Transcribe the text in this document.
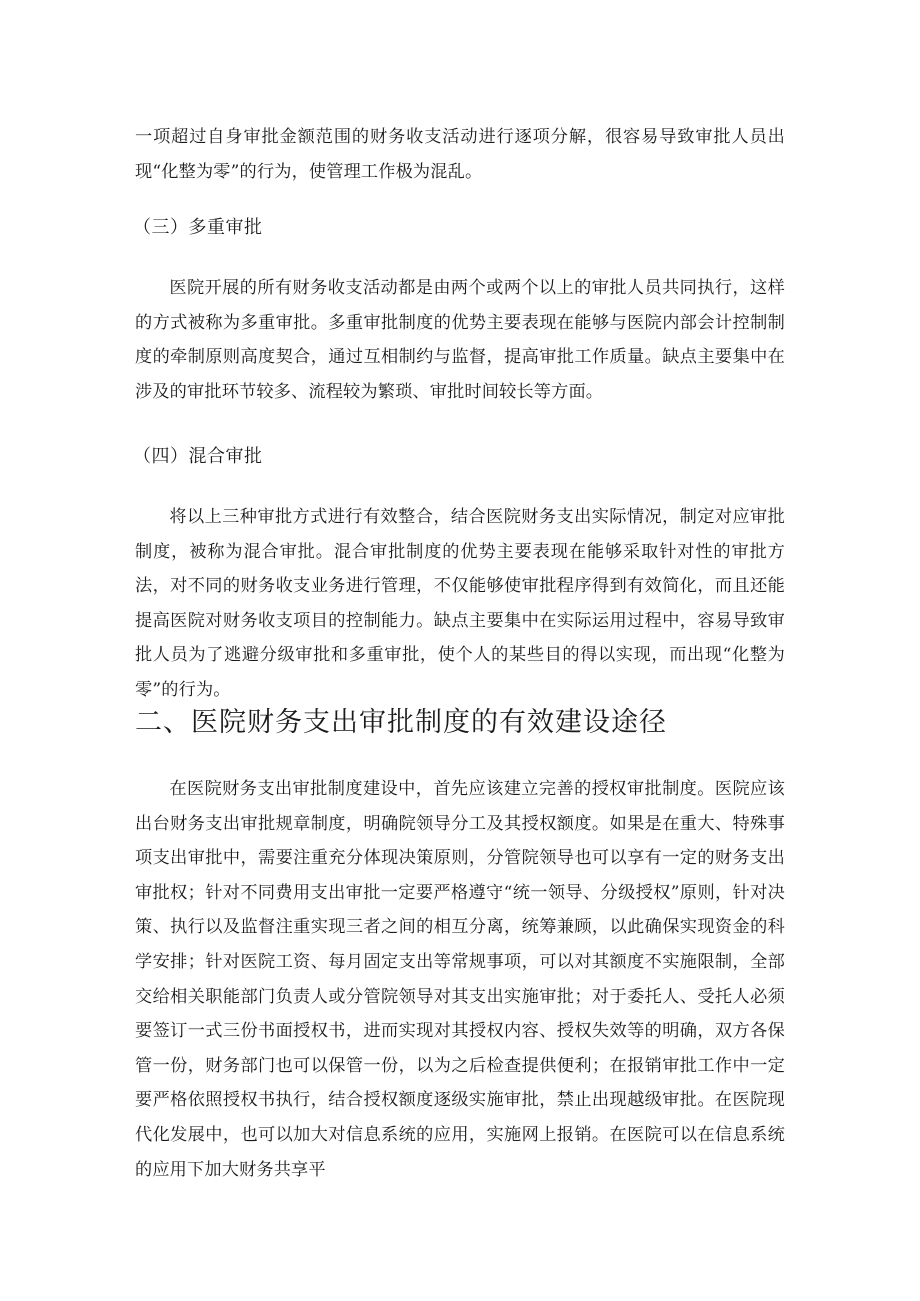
一项超过自身审批金额范围的财务收支活动进行逐项分解，很容易导致审批人员出现“化整为零”的行为，使管理工作极为混乱。

（三）多重审批

医院开展的所有财务收支活动都是由两个或两个以上的审批人员共同执行，这样的方式被称为多重审批。多重审批制度的优势主要表现在能够与医院内部会计控制制度的牵制原则高度契合，通过互相制约与监督，提高审批工作质量。缺点主要集中在涉及的审批环节较多、流程较为繁琐、审批时间较长等方面。

（四）混合审批

将以上三种审批方式进行有效整合，结合医院财务支出实际情况，制定对应审批制度，被称为混合审批。混合审批制度的优势主要表现在能够采取针对性的审批方法，对不同的财务收支业务进行管理，不仅能够使审批程序得到有效简化，而且还能提高医院对财务收支项目的控制能力。缺点主要集中在实际运用过程中，容易导致审批人员为了逃避分级审批和多重审批，使个人的某些目的得以实现，而出现“化整为零”的行为。

二、医院财务支出审批制度的有效建设途径

在医院财务支出审批制度建设中，首先应该建立完善的授权审批制度。医院应该出台财务支出审批规章制度，明确院领导分工及其授权额度。如果是在重大、特殊事项支出审批中，需要注重充分体现决策原则，分管院领导也可以享有一定的财务支出审批权；针对不同费用支出审批一定要严格遵守“统一领导、分级授权”原则，针对决策、执行以及监督注重实现三者之间的相互分离，统筹兼顾，以此确保实现资金的科学安排；针对医院工资、每月固定支出等常规事项，可以对其额度不实施限制，全部交给相关职能部门负责人或分管院领导对其支出实施审批；对于委托人、受托人必须要签订一式三份书面授权书，进而实现对其授权内容、授权失效等的明确，双方各保管一份，财务部门也可以保管一份，以为之后检查提供便利；在报销审批工作中一定要严格依照授权书执行，结合授权额度逐级实施审批，禁止出现越级审批。在医院现代化发展中，也可以加大对信息系统的应用，实施网上报销。在医院可以在信息系统的应用下加大财务共享平
